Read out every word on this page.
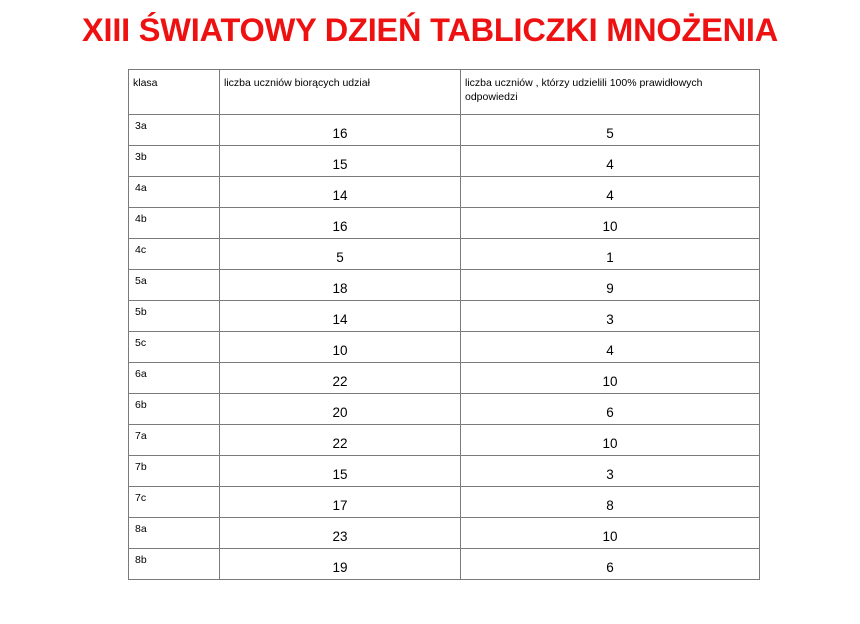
XIII ŚWIATOWY DZIEŃ TABLICZKI MNOŻENIA
klasa	liczba uczniów biorących udział	liczba uczniów , którzy udzielili 100% prawidłowych odpowiedzi
3a	16	5
3b	15	4
4a	14	4
4b	16	10
4c	5	1
5a	18	9
5b	14	3
5c	10	4
6a	22	10
6b	20	6
7a	22	10
7b	15	3
7c	17	8
8a	23	10
8b	19	6
